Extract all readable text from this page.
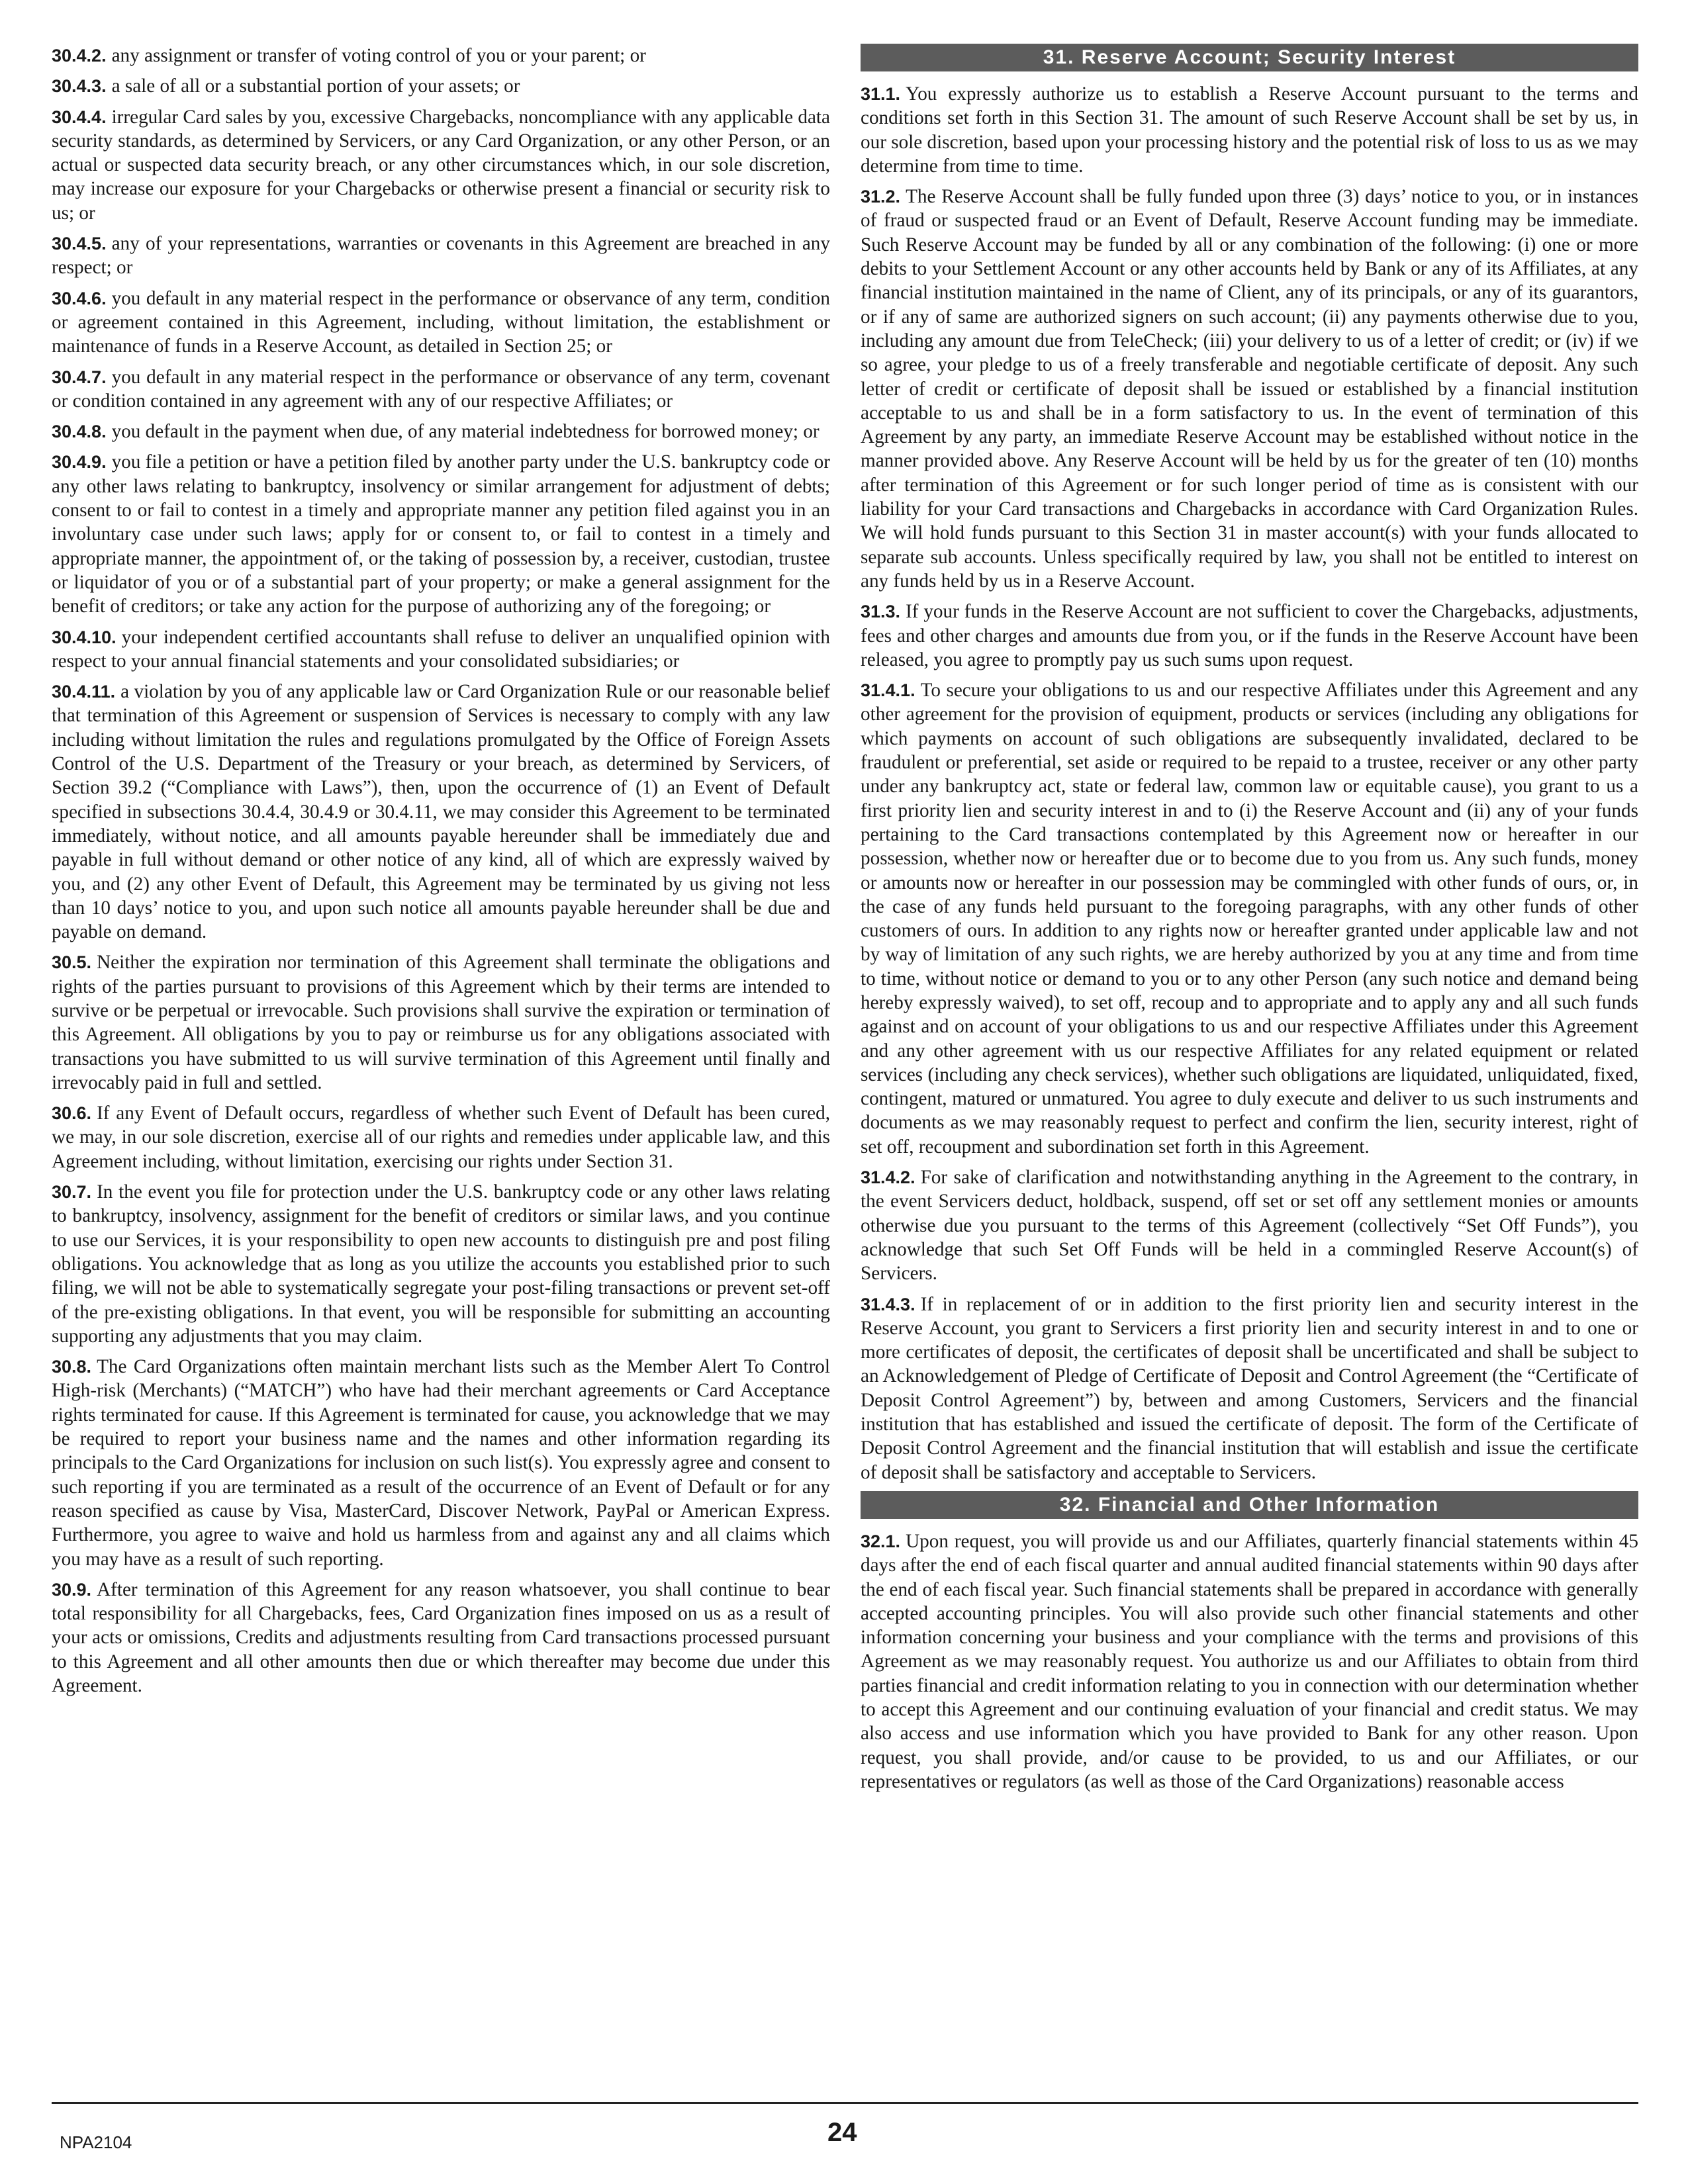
30.4.2. any assignment or transfer of voting control of you or your parent; or

30.4.3. a sale of all or a substantial portion of your assets; or

30.4.4. irregular Card sales by you, excessive Chargebacks, noncompliance with any applicable data security standards, as determined by Servicers, or any Card Organization, or any other Person, or an actual or suspected data security breach, or any other circumstances which, in our sole discretion, may increase our exposure for your Chargebacks or otherwise present a financial or security risk to us; or

30.4.5. any of your representations, warranties or covenants in this Agreement are breached in any respect; or

30.4.6. you default in any material respect in the performance or observance of any term, condition or agreement contained in this Agreement, including, without limitation, the establishment or maintenance of funds in a Reserve Account, as detailed in Section 25; or

30.4.7. you default in any material respect in the performance or observance of any term, covenant or condition contained in any agreement with any of our respective Affiliates; or

30.4.8. you default in the payment when due, of any material indebtedness for borrowed money; or

30.4.9. you file a petition or have a petition filed by another party under the U.S. bankruptcy code or any other laws relating to bankruptcy, insolvency or similar arrangement for adjustment of debts; consent to or fail to contest in a timely and appropriate manner any petition filed against you in an involuntary case under such laws; apply for or consent to, or fail to contest in a timely and appropriate manner, the appointment of, or the taking of possession by, a receiver, custodian, trustee or liquidator of you or of a substantial part of your property; or make a general assignment for the benefit of creditors; or take any action for the purpose of authorizing any of the foregoing; or

30.4.10. your independent certified accountants shall refuse to deliver an unqualified opinion with respect to your annual financial statements and your consolidated subsidiaries; or

30.4.11. a violation by you of any applicable law or Card Organization Rule or our reasonable belief that termination of this Agreement or suspension of Services is necessary to comply with any law including without limitation the rules and regulations promulgated by the Office of Foreign Assets Control of the U.S. Department of the Treasury or your breach, as determined by Servicers, of Section 39.2 (“Compliance with Laws”), then, upon the occurrence of (1) an Event of Default specified in subsections 30.4.4, 30.4.9 or 30.4.11, we may consider this Agreement to be terminated immediately, without notice, and all amounts payable hereunder shall be immediately due and payable in full without demand or other notice of any kind, all of which are expressly waived by you, and (2) any other Event of Default, this Agreement may be terminated by us giving not less than 10 days’ notice to you, and upon such notice all amounts payable hereunder shall be due and payable on demand.

30.5. Neither the expiration nor termination of this Agreement shall terminate the obligations and rights of the parties pursuant to provisions of this Agreement which by their terms are intended to survive or be perpetual or irrevocable. Such provisions shall survive the expiration or termination of this Agreement. All obligations by you to pay or reimburse us for any obligations associated with transactions you have submitted to us will survive termination of this Agreement until finally and irrevocably paid in full and settled.

30.6. If any Event of Default occurs, regardless of whether such Event of Default has been cured, we may, in our sole discretion, exercise all of our rights and remedies under applicable law, and this Agreement including, without limitation, exercising our rights under Section 31.

30.7. In the event you file for protection under the U.S. bankruptcy code or any other laws relating to bankruptcy, insolvency, assignment for the benefit of creditors or similar laws, and you continue to use our Services, it is your responsibility to open new accounts to distinguish pre and post filing obligations. You acknowledge that as long as you utilize the accounts you established prior to such filing, we will not be able to systematically segregate your post-filing transactions or prevent set-off of the pre-existing obligations. In that event, you will be responsible for submitting an accounting supporting any adjustments that you may claim.

30.8. The Card Organizations often maintain merchant lists such as the Member Alert To Control High-risk (Merchants) (“MATCH”) who have had their merchant agreements or Card Acceptance rights terminated for cause. If this Agreement is terminated for cause, you acknowledge that we may be required to report your business name and the names and other information regarding its principals to the Card Organizations for inclusion on such list(s). You expressly agree and consent to such reporting if you are terminated as a result of the occurrence of an Event of Default or for any reason specified as cause by Visa, MasterCard, Discover Network, PayPal or American Express. Furthermore, you agree to waive and hold us harmless from and against any and all claims which you may have as a result of such reporting.

30.9. After termination of this Agreement for any reason whatsoever, you shall continue to bear total responsibility for all Chargebacks, fees, Card Organization fines imposed on us as a result of your acts or omissions, Credits and adjustments resulting from Card transactions processed pursuant to this Agreement and all other amounts then due or which thereafter may become due under this Agreement.

31. Reserve Account; Security Interest

31.1. You expressly authorize us to establish a Reserve Account pursuant to the terms and conditions set forth in this Section 31. The amount of such Reserve Account shall be set by us, in our sole discretion, based upon your processing history and the potential risk of loss to us as we may determine from time to time.

31.2. The Reserve Account shall be fully funded upon three (3) days’ notice to you, or in instances of fraud or suspected fraud or an Event of Default, Reserve Account funding may be immediate. Such Reserve Account may be funded by all or any combination of the following: (i) one or more debits to your Settlement Account or any other accounts held by Bank or any of its Affiliates, at any financial institution maintained in the name of Client, any of its principals, or any of its guarantors, or if any of same are authorized signers on such account; (ii) any payments otherwise due to you, including any amount due from TeleCheck; (iii) your delivery to us of a letter of credit; or (iv) if we so agree, your pledge to us of a freely transferable and negotiable certificate of deposit. Any such letter of credit or certificate of deposit shall be issued or established by a financial institution acceptable to us and shall be in a form satisfactory to us. In the event of termination of this Agreement by any party, an immediate Reserve Account may be established without notice in the manner provided above. Any Reserve Account will be held by us for the greater of ten (10) months after termination of this Agreement or for such longer period of time as is consistent with our liability for your Card transactions and Chargebacks in accordance with Card Organization Rules. We will hold funds pursuant to this Section 31 in master account(s) with your funds allocated to separate sub accounts. Unless specifically required by law, you shall not be entitled to interest on any funds held by us in a Reserve Account.

31.3. If your funds in the Reserve Account are not sufficient to cover the Chargebacks, adjustments, fees and other charges and amounts due from you, or if the funds in the Reserve Account have been released, you agree to promptly pay us such sums upon request.

31.4.1. To secure your obligations to us and our respective Affiliates under this Agreement and any other agreement for the provision of equipment, products or services (including any obligations for which payments on account of such obligations are subsequently invalidated, declared to be fraudulent or preferential, set aside or required to be repaid to a trustee, receiver or any other party under any bankruptcy act, state or federal law, common law or equitable cause), you grant to us a first priority lien and security interest in and to (i) the Reserve Account and (ii) any of your funds pertaining to the Card transactions contemplated by this Agreement now or hereafter in our possession, whether now or hereafter due or to become due to you from us. Any such funds, money or amounts now or hereafter in our possession may be commingled with other funds of ours, or, in the case of any funds held pursuant to the foregoing paragraphs, with any other funds of other customers of ours. In addition to any rights now or hereafter granted under applicable law and not by way of limitation of any such rights, we are hereby authorized by you at any time and from time to time, without notice or demand to you or to any other Person (any such notice and demand being hereby expressly waived), to set off, recoup and to appropriate and to apply any and all such funds against and on account of your obligations to us and our respective Affiliates under this Agreement and any other agreement with us our respective Affiliates for any related equipment or related services (including any check services), whether such obligations are liquidated, unliquidated, fixed, contingent, matured or unmatured. You agree to duly execute and deliver to us such instruments and documents as we may reasonably request to perfect and confirm the lien, security interest, right of set off, recoupment and subordination set forth in this Agreement.

31.4.2. For sake of clarification and notwithstanding anything in the Agreement to the contrary, in the event Servicers deduct, holdback, suspend, off set or set off any settlement monies or amounts otherwise due you pursuant to the terms of this Agreement (collectively “Set Off Funds”), you acknowledge that such Set Off Funds will be held in a commingled Reserve Account(s) of Servicers.

31.4.3. If in replacement of or in addition to the first priority lien and security interest in the Reserve Account, you grant to Servicers a first priority lien and security interest in and to one or more certificates of deposit, the certificates of deposit shall be uncertificated and shall be subject to an Acknowledgement of Pledge of Certificate of Deposit and Control Agreement (the “Certificate of Deposit Control Agreement”) by, between and among Customers, Servicers and the financial institution that has established and issued the certificate of deposit. The form of the Certificate of Deposit Control Agreement and the financial institution that will establish and issue the certificate of deposit shall be satisfactory and acceptable to Servicers.

32. Financial and Other Information

32.1. Upon request, you will provide us and our Affiliates, quarterly financial statements within 45 days after the end of each fiscal quarter and annual audited financial statements within 90 days after the end of each fiscal year. Such financial statements shall be prepared in accordance with generally accepted accounting principles. You will also provide such other financial statements and other information concerning your business and your compliance with the terms and provisions of this Agreement as we may reasonably request. You authorize us and our Affiliates to obtain from third parties financial and credit information relating to you in connection with our determination whether to accept this Agreement and our continuing evaluation of your financial and credit status. We may also access and use information which you have provided to Bank for any other reason. Upon request, you shall provide, and/or cause to be provided, to us and our Affiliates, or our representatives or regulators (as well as those of the Card Organizations) reasonable access

NPA2104	24
